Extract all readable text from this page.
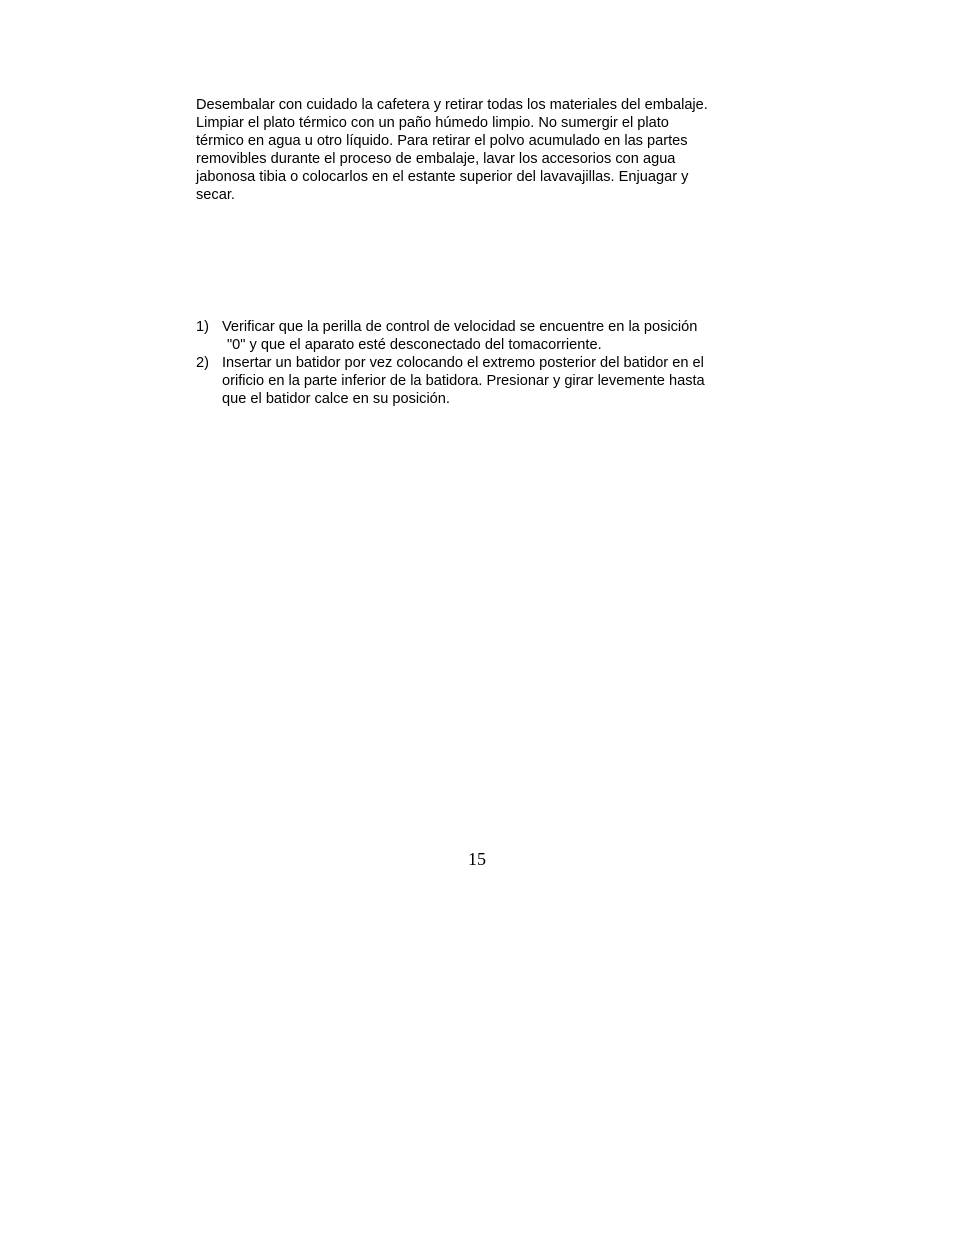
Desembalar con cuidado la cafetera y retirar todas los materiales del embalaje.
Limpiar el plato térmico con un paño húmedo limpio. No sumergir el plato
térmico en agua u otro líquido. Para retirar el polvo acumulado en las partes
removibles durante el proceso de embalaje, lavar los accesorios con agua
jabonosa tibia o colocarlos en el estante superior del lavavajillas. Enjuagar y
secar.
1) Verificar que la perilla de control de velocidad se encuentre en la posición
"0" y que el aparato esté desconectado del tomacorriente.
2) Insertar un batidor por vez colocando el extremo posterior del batidor en el
orificio en la parte inferior de la batidora. Presionar y girar levemente hasta
que el batidor calce en su posición.
15
